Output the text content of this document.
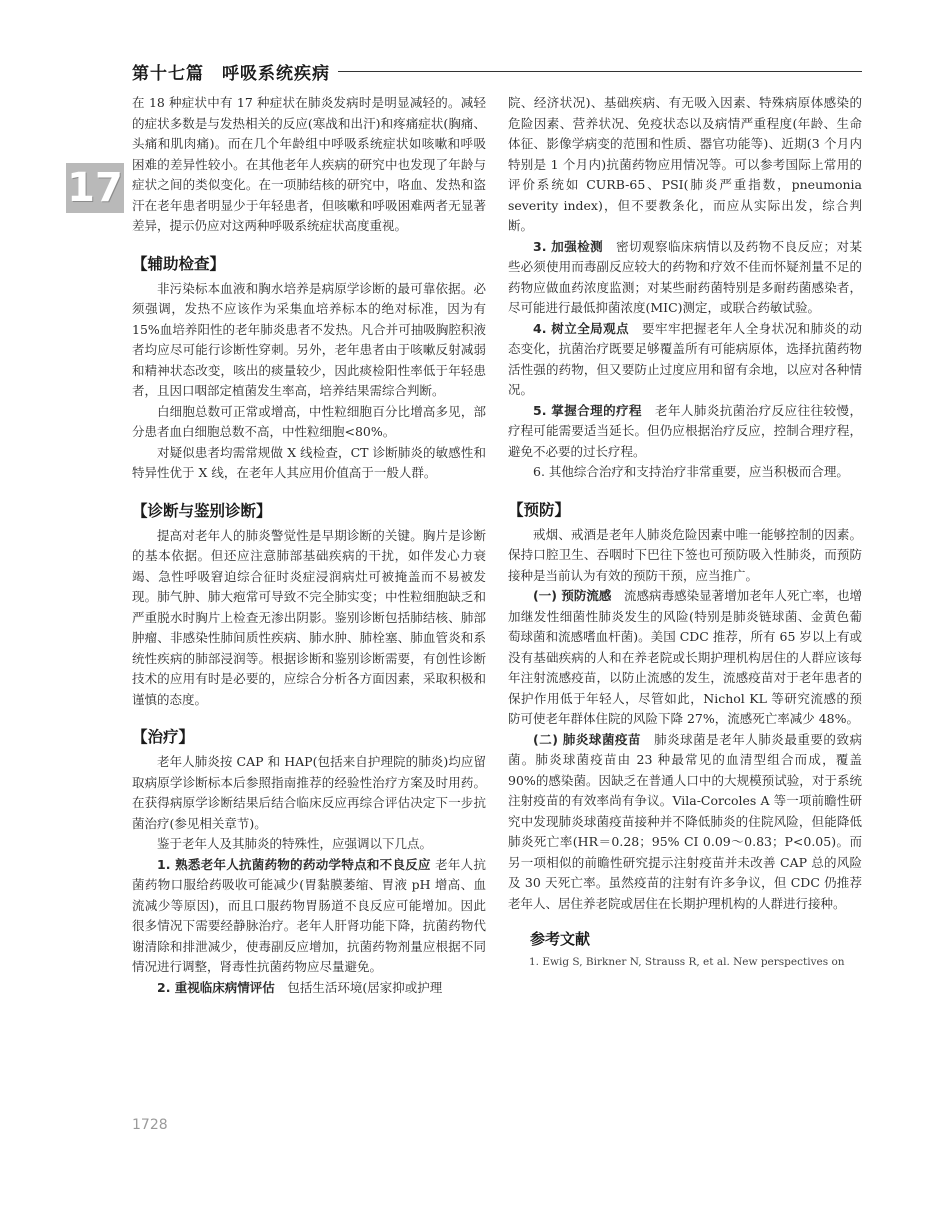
第十七篇　呼吸系统疾病
17

在 18 种症状中有 17 种症状在肺炎发病时是明显减轻的。减轻的症状多数是与发热相关的反应(寒战和出汗)和疼痛症状(胸痛、头痛和肌肉痛)。而在几个年龄组中呼吸系统症状如咳嗽和呼吸困难的差异性较小。在其他老年人疾病的研究中也发现了年龄与症状之间的类似变化。在一项肺结核的研究中，咯血、发热和盗汗在老年患者明显少于年轻患者，但咳嗽和呼吸困难两者无显著差异，提示仍应对这两种呼吸系统症状高度重视。

【辅助检查】

非污染标本血液和胸水培养是病原学诊断的最可靠依据。必须强调，发热不应该作为采集血培养标本的绝对标准，因为有 15%血培养阳性的老年肺炎患者不发热。凡合并可抽吸胸腔积液者均应尽可能行诊断性穿刺。另外，老年患者由于咳嗽反射减弱和精神状态改变，咳出的痰量较少，因此痰检阳性率低于年轻患者，且因口咽部定植菌发生率高，培养结果需综合判断。

白细胞总数可正常或增高，中性粒细胞百分比增高多见，部分患者血白细胞总数不高，中性粒细胞<80%。

对疑似患者均需常规做 X 线检查，CT 诊断肺炎的敏感性和特异性优于 X 线，在老年人其应用价值高于一般人群。

【诊断与鉴别诊断】

提高对老年人的肺炎警觉性是早期诊断的关键。胸片是诊断的基本依据。但还应注意肺部基础疾病的干扰，如伴发心力衰竭、急性呼吸窘迫综合征时炎症浸润病灶可被掩盖而不易被发现。肺气肿、肺大疱常可导致不完全肺实变；中性粒细胞缺乏和严重脱水时胸片上检查无渗出阴影。鉴别诊断包括肺结核、肺部肿瘤、非感染性肺间质性疾病、肺水肿、肺栓塞、肺血管炎和系统性疾病的肺部浸润等。根据诊断和鉴别诊断需要，有创性诊断技术的应用有时是必要的，应综合分析各方面因素，采取积极和谨慎的态度。

【治疗】

老年人肺炎按 CAP 和 HAP(包括来自护理院的肺炎)均应留取病原学诊断标本后参照指南推荐的经验性治疗方案及时用药。在获得病原学诊断结果后结合临床反应再综合评估决定下一步抗菌治疗(参见相关章节)。

鉴于老年人及其肺炎的特殊性，应强调以下几点。

1. 熟悉老年人抗菌药物的药动学特点和不良反应 老年人抗菌药物口服给药吸收可能减少(胃黏膜萎缩、胃液 pH 增高、血流减少等原因)，而且口服药物胃肠道不良反应可能增加。因此很多情况下需要经静脉治疗。老年人肝肾功能下降，抗菌药物代谢清除和排泄减少，使毒副反应增加，抗菌药物剂量应根据不同情况进行调整，肾毒性抗菌药物应尽量避免。

2. 重视临床病情评估　 包括生活环境(居家抑或护理

院、经济状况)、基础疾病、有无吸入因素、特殊病原体感染的危险因素、营养状况、免疫状态以及病情严重程度(年龄、生命体征、影像学病变的范围和性质、器官功能等)、近期(3 个月内特别是 1 个月内)抗菌药物应用情况等。可以参考国际上常用的评价系统如 CURB-65、PSI(肺炎严重指数，pneumonia severity index)，但不要教条化，而应从实际出发，综合判断。

3. 加强检测　 密切观察临床病情以及药物不良反应；对某些必须使用而毒副反应较大的药物和疗效不佳而怀疑剂量不足的药物应做血药浓度监测；对某些耐药菌特别是多耐药菌感染者，尽可能进行最低抑菌浓度(MIC)测定，或联合药敏试验。

4. 树立全局观点　 要牢牢把握老年人全身状况和肺炎的动态变化，抗菌治疗既要足够覆盖所有可能病原体，选择抗菌药物活性强的药物，但又要防止过度应用和留有余地，以应对各种情况。

5. 掌握合理的疗程　 老年人肺炎抗菌治疗反应往往较慢，疗程可能需要适当延长。但仍应根据治疗反应，控制合理疗程，避免不必要的过长疗程。

6. 其他综合治疗和支持治疗非常重要，应当积极而合理。

【预防】

戒烟、戒酒是老年人肺炎危险因素中唯一能够控制的因素。保持口腔卫生、吞咽时下巴往下签也可预防吸入性肺炎，而预防接种是当前认为有效的预防干预，应当推广。

(一) 预防流感　 流感病毒感染显著增加老年人死亡率，也增加继发性细菌性肺炎发生的风险(特别是肺炎链球菌、金黄色葡萄球菌和流感嗜血杆菌)。美国 CDC 推荐，所有 65 岁以上有或没有基础疾病的人和在养老院或长期护理机构居住的人群应该每年注射流感疫苗，以防止流感的发生，流感疫苗对于老年患者的保护作用低于年轻人，尽管如此，Nichol KL 等研究流感的预防可使老年群体住院的风险下降 27%，流感死亡率减少 48%。

(二) 肺炎球菌疫苗　 肺炎球菌是老年人肺炎最重要的致病菌。肺炎球菌疫苗由 23 种最常见的血清型组合而成，覆盖 90%的感染菌。因缺乏在普通人口中的大规模预试验，对于系统注射疫苗的有效率尚有争议。Vila-Corcoles A 等一项前瞻性研究中发现肺炎球菌疫苗接种并不降低肺炎的住院风险，但能降低肺炎死亡率(HR＝0.28；95% CI 0.09～0.83；P<0.05)。而另一项相似的前瞻性研究提示注射疫苗并未改善 CAP 总的风险及 30 天死亡率。虽然疫苗的注射有许多争议，但 CDC 仍推荐老年人、居住养老院或居住在长期护理机构的人群进行接种。

参考文献
1. Ewig S, Birkner N, Strauss R, et al. New perspectives on
1728
